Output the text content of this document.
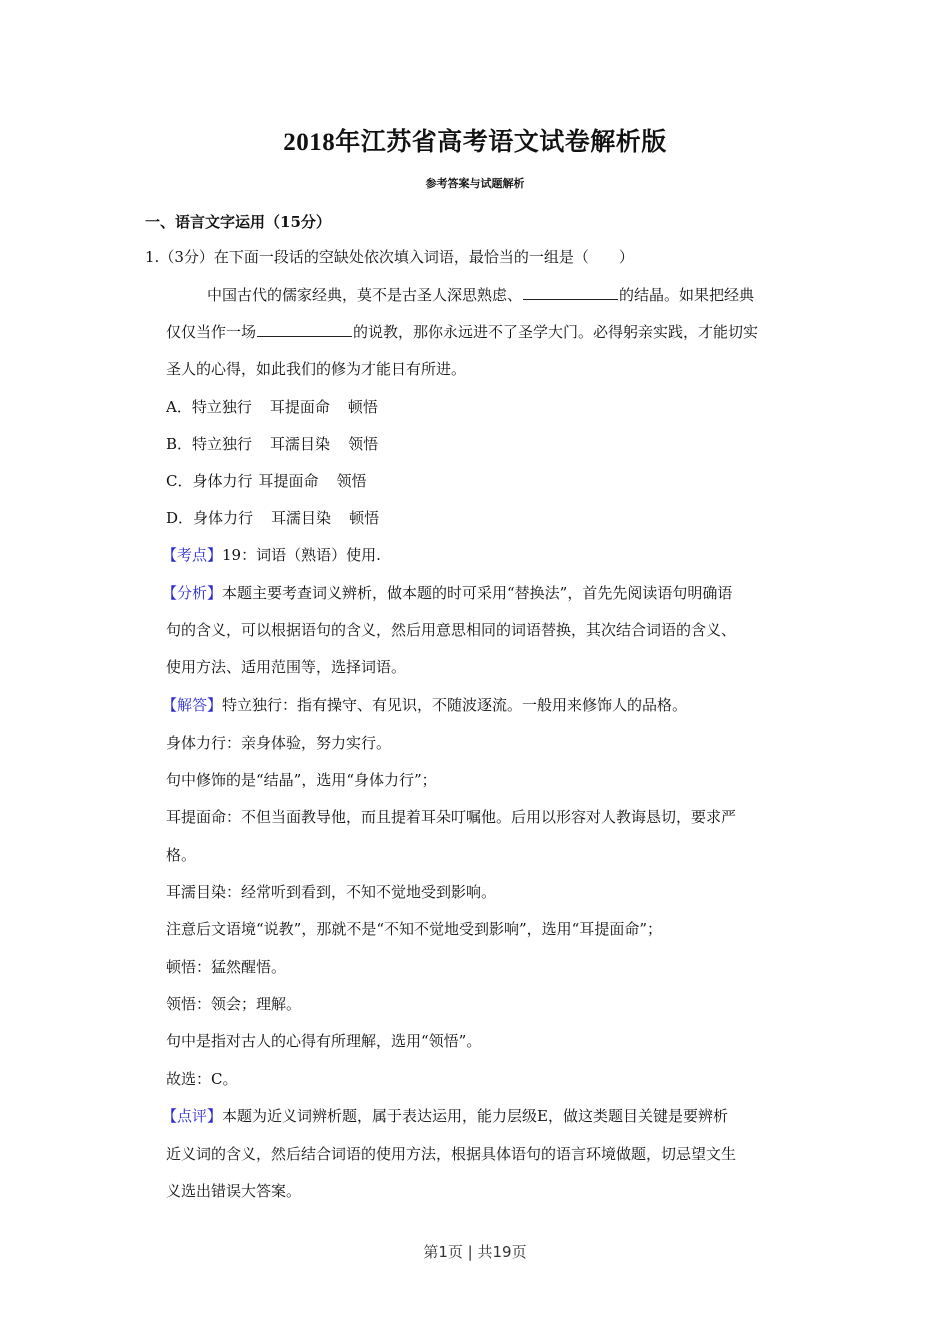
2018年江苏省高考语文试卷解析版
参考答案与试题解析
一、语言文字运用（15分）
1.（3分）在下面一段话的空缺处依次填入词语，最恰当的一组是（　　）
中国古代的儒家经典，莫不是古圣人深思熟虑、	的结晶。如果把经典
仅仅当作一场	的说教，那你永远进不了圣学大门。必得躬亲实践，才能切实
圣人的心得，如此我们的修为才能日有所进。
A．特立独行 耳提面命 顿悟
B．特立独行 耳濡目染 领悟
C．身体力行 耳提面命 领悟
D．身体力行 耳濡目染 顿悟
【考点】19：词语（熟语）使用.
【分析】本题主要考查词义辨析，做本题的时可采用“替换法”，首先先阅读语句明确语
句的含义，可以根据语句的含义，然后用意思相同的词语替换，其次结合词语的含义、
使用方法、适用范围等，选择词语。
【解答】特立独行：指有操守、有见识，不随波逐流。一般用来修饰人的品格。
身体力行：亲身体验，努力实行。
句中修饰的是“结晶”，选用“身体力行”；
耳提面命：不但当面教导他，而且提着耳朵叮嘱他。后用以形容对人教诲恳切，要求严
格。
耳濡目染：经常听到看到，不知不觉地受到影响。
注意后文语境“说教”，那就不是“不知不觉地受到影响”，选用“耳提面命”；
顿悟：猛然醒悟。
领悟：领会；理解。
句中是指对古人的心得有所理解，选用“领悟”。
故选：C。
【点评】本题为近义词辨析题，属于表达运用，能力层级E，做这类题目关键是要辨析
近义词的含义，然后结合词语的使用方法，根据具体语句的语言环境做题，切忌望文生
义选出错误大答案。
第1页 | 共19页
